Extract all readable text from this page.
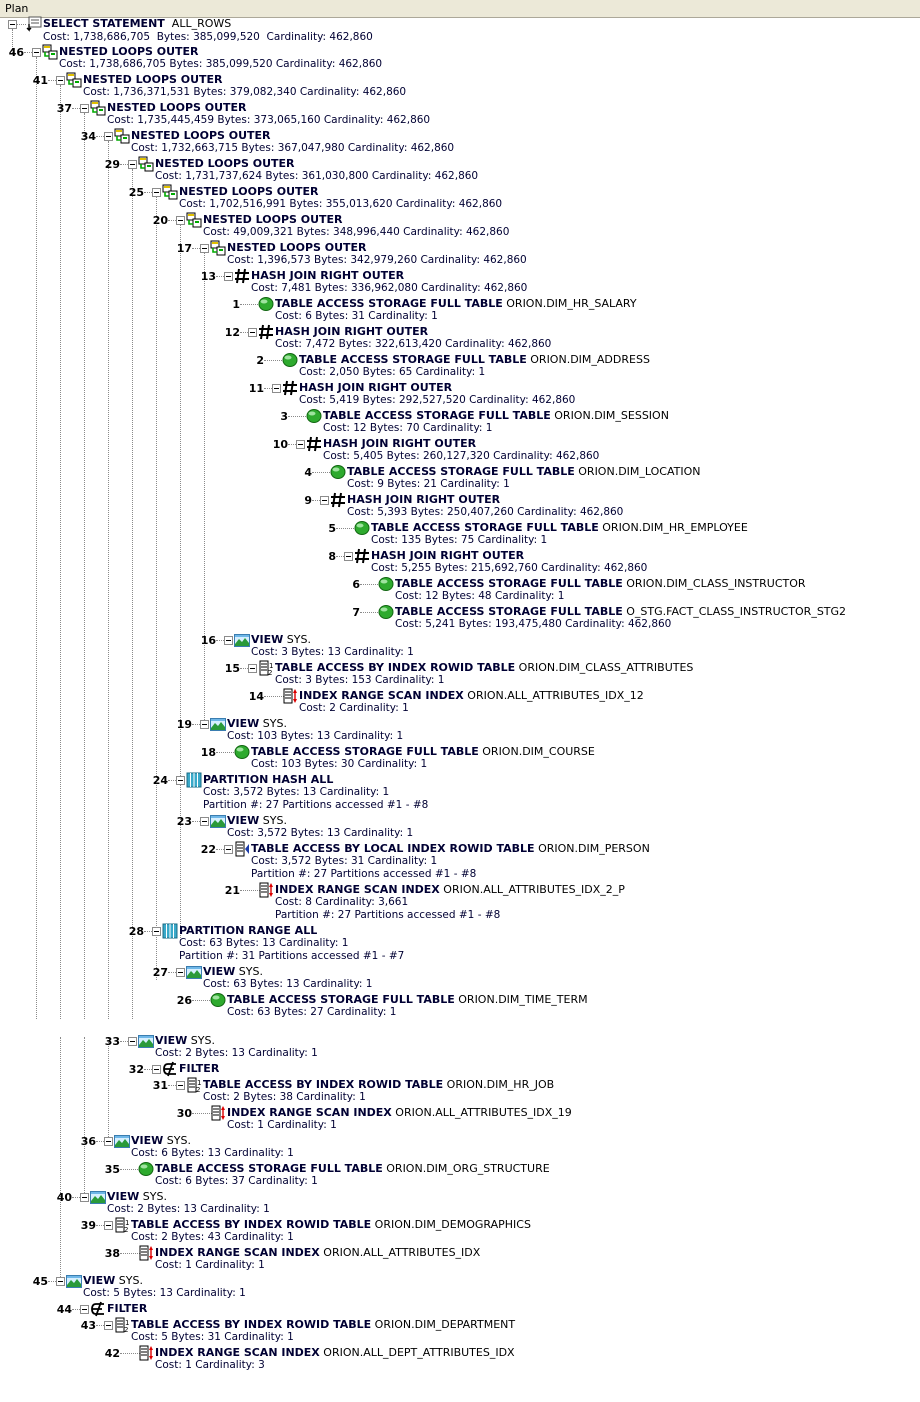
Plan
SELECT STATEMENT ALL_ROWS
Cost: 1,738,686,705  Bytes: 385,099,520  Cardinality: 462,860
46	NESTED LOOPS OUTER
Cost: 1,738,686,705 Bytes: 385,099,520 Cardinality: 462,860
41	NESTED LOOPS OUTER
Cost: 1,736,371,531 Bytes: 379,082,340 Cardinality: 462,860
37	NESTED LOOPS OUTER
Cost: 1,735,445,459 Bytes: 373,065,160 Cardinality: 462,860
34	NESTED LOOPS OUTER
Cost: 1,732,663,715 Bytes: 367,047,980 Cardinality: 462,860
29	NESTED LOOPS OUTER
Cost: 1,731,737,624 Bytes: 361,030,800 Cardinality: 462,860
25	NESTED LOOPS OUTER
Cost: 1,702,516,991 Bytes: 355,013,620 Cardinality: 462,860
20	NESTED LOOPS OUTER
Cost: 49,009,321 Bytes: 348,996,440 Cardinality: 462,860
17	NESTED LOOPS OUTER
Cost: 1,396,573 Bytes: 342,979,260 Cardinality: 462,860
13	HASH JOIN RIGHT OUTER
Cost: 7,481 Bytes: 336,962,080 Cardinality: 462,860
1	TABLE ACCESS STORAGE FULL TABLE ORION.DIM_HR_SALARY
Cost: 6 Bytes: 31 Cardinality: 1
12	HASH JOIN RIGHT OUTER
Cost: 7,472 Bytes: 322,613,420 Cardinality: 462,860
2	TABLE ACCESS STORAGE FULL TABLE ORION.DIM_ADDRESS
Cost: 2,050 Bytes: 65 Cardinality: 1
11	HASH JOIN RIGHT OUTER
Cost: 5,419 Bytes: 292,527,520 Cardinality: 462,860
3	TABLE ACCESS STORAGE FULL TABLE ORION.DIM_SESSION
Cost: 12 Bytes: 70 Cardinality: 1
10	HASH JOIN RIGHT OUTER
Cost: 5,405 Bytes: 260,127,320 Cardinality: 462,860
4	TABLE ACCESS STORAGE FULL TABLE ORION.DIM_LOCATION
Cost: 9 Bytes: 21 Cardinality: 1
9	HASH JOIN RIGHT OUTER
Cost: 5,393 Bytes: 250,407,260 Cardinality: 462,860
5	TABLE ACCESS STORAGE FULL TABLE ORION.DIM_HR_EMPLOYEE
Cost: 135 Bytes: 75 Cardinality: 1
8	HASH JOIN RIGHT OUTER
Cost: 5,255 Bytes: 215,692,760 Cardinality: 462,860
6	TABLE ACCESS STORAGE FULL TABLE ORION.DIM_CLASS_INSTRUCTOR
Cost: 12 Bytes: 48 Cardinality: 1
7	TABLE ACCESS STORAGE FULL TABLE O_STG.FACT_CLASS_INSTRUCTOR_STG2
Cost: 5,241 Bytes: 193,475,480 Cardinality: 462,860
16	VIEW SYS.
Cost: 3 Bytes: 13 Cardinality: 1
15	2
1 TABLE ACCESS BY INDEX ROWID TABLE ORION.DIM_CLASS_ATTRIBUTES
Cost: 3 Bytes: 153 Cardinality: 1
14	INDEX RANGE SCAN INDEX ORION.ALL_ATTRIBUTES_IDX_12
Cost: 2 Cardinality: 1
19	VIEW SYS.
Cost: 103 Bytes: 13 Cardinality: 1
18	TABLE ACCESS STORAGE FULL TABLE ORION.DIM_COURSE
Cost: 103 Bytes: 30 Cardinality: 1
24	PARTITION HASH ALL
Cost: 3,572 Bytes: 13 Cardinality: 1
Partition #: 27 Partitions accessed #1 - #8
23	VIEW SYS.
Cost: 3,572 Bytes: 13 Cardinality: 1
22	TABLE ACCESS BY LOCAL INDEX ROWID TABLE ORION.DIM_PERSON
Cost: 3,572 Bytes: 31 Cardinality: 1
Partition #: 27 Partitions accessed #1 - #8
21	INDEX RANGE SCAN INDEX ORION.ALL_ATTRIBUTES_IDX_2_P
Cost: 8 Cardinality: 3,661
Partition #: 27 Partitions accessed #1 - #8
28	PARTITION RANGE ALL
Cost: 63 Bytes: 13 Cardinality: 1
Partition #: 31 Partitions accessed #1 - #7
27	VIEW SYS.
Cost: 63 Bytes: 13 Cardinality: 1
26	TABLE ACCESS STORAGE FULL TABLE ORION.DIM_TIME_TERM
Cost: 63 Bytes: 27 Cardinality: 1
33	VIEW SYS.
Cost: 2 Bytes: 13 Cardinality: 1
32	FILTER
31	2
1 TABLE ACCESS BY INDEX ROWID TABLE ORION.DIM_HR_JOB
Cost: 2 Bytes: 38 Cardinality: 1
30	INDEX RANGE SCAN INDEX ORION.ALL_ATTRIBUTES_IDX_19
Cost: 1 Cardinality: 1
36	VIEW SYS.
Cost: 6 Bytes: 13 Cardinality: 1
35	TABLE ACCESS STORAGE FULL TABLE ORION.DIM_ORG_STRUCTURE
Cost: 6 Bytes: 37 Cardinality: 1
40	VIEW SYS.
Cost: 2 Bytes: 13 Cardinality: 1
39	2
1 TABLE ACCESS BY INDEX ROWID TABLE ORION.DIM_DEMOGRAPHICS
Cost: 2 Bytes: 43 Cardinality: 1
38	INDEX RANGE SCAN INDEX ORION.ALL_ATTRIBUTES_IDX
Cost: 1 Cardinality: 1
45	VIEW SYS.
Cost: 5 Bytes: 13 Cardinality: 1
44	FILTER
43	2
1 TABLE ACCESS BY INDEX ROWID TABLE ORION.DIM_DEPARTMENT
Cost: 5 Bytes: 31 Cardinality: 1
42	INDEX RANGE SCAN INDEX ORION.ALL_DEPT_ATTRIBUTES_IDX
Cost: 1 Cardinality: 3
